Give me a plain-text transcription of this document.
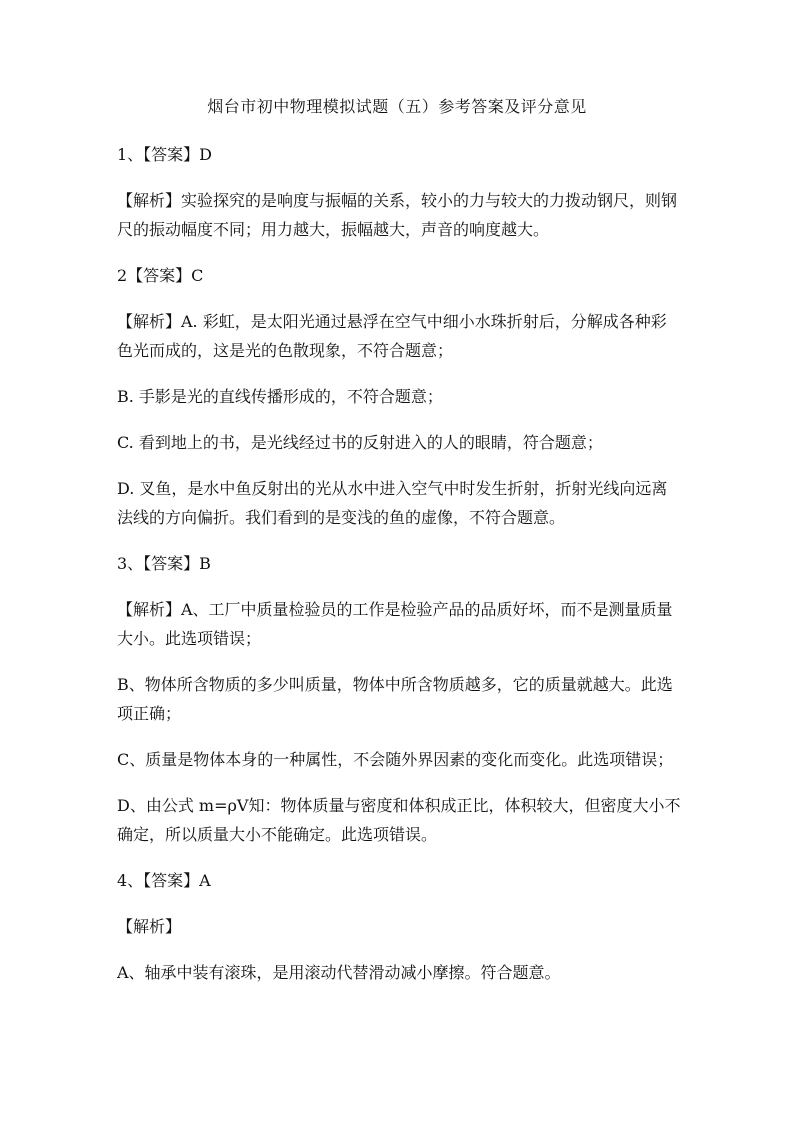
烟台市初中物理模拟试题（五）参考答案及评分意见

1、【答案】D

【解析】实验探究的是响度与振幅的关系，较小的力与较大的力拨动钢尺，则钢尺的振动幅度不同；用力越大，振幅越大，声音的响度越大。

2【答案】C

【解析】A. 彩虹，是太阳光通过悬浮在空气中细小水珠折射后，分解成各种彩色光而成的，这是光的色散现象，不符合题意；

B. 手影是光的直线传播形成的，不符合题意；

C. 看到地上的书，是光线经过书的反射进入的人的眼睛，符合题意；

D. 叉鱼，是水中鱼反射出的光从水中进入空气中时发生折射，折射光线向远离法线的方向偏折。我们看到的是变浅的鱼的虚像，不符合题意。

3、【答案】B

【解析】A、工厂中质量检验员的工作是检验产品的品质好坏，而不是测量质量大小。此选项错误；

B、物体所含物质的多少叫质量，物体中所含物质越多，它的质量就越大。此选项正确；

C、质量是物体本身的一种属性，不会随外界因素的变化而变化。此选项错误；

D、由公式 m=ρV知：物体质量与密度和体积成正比，体积较大，但密度大小不确定，所以质量大小不能确定。此选项错误。

4、【答案】A

【解析】

A、轴承中装有滚珠，是用滚动代替滑动减小摩擦。符合题意。
